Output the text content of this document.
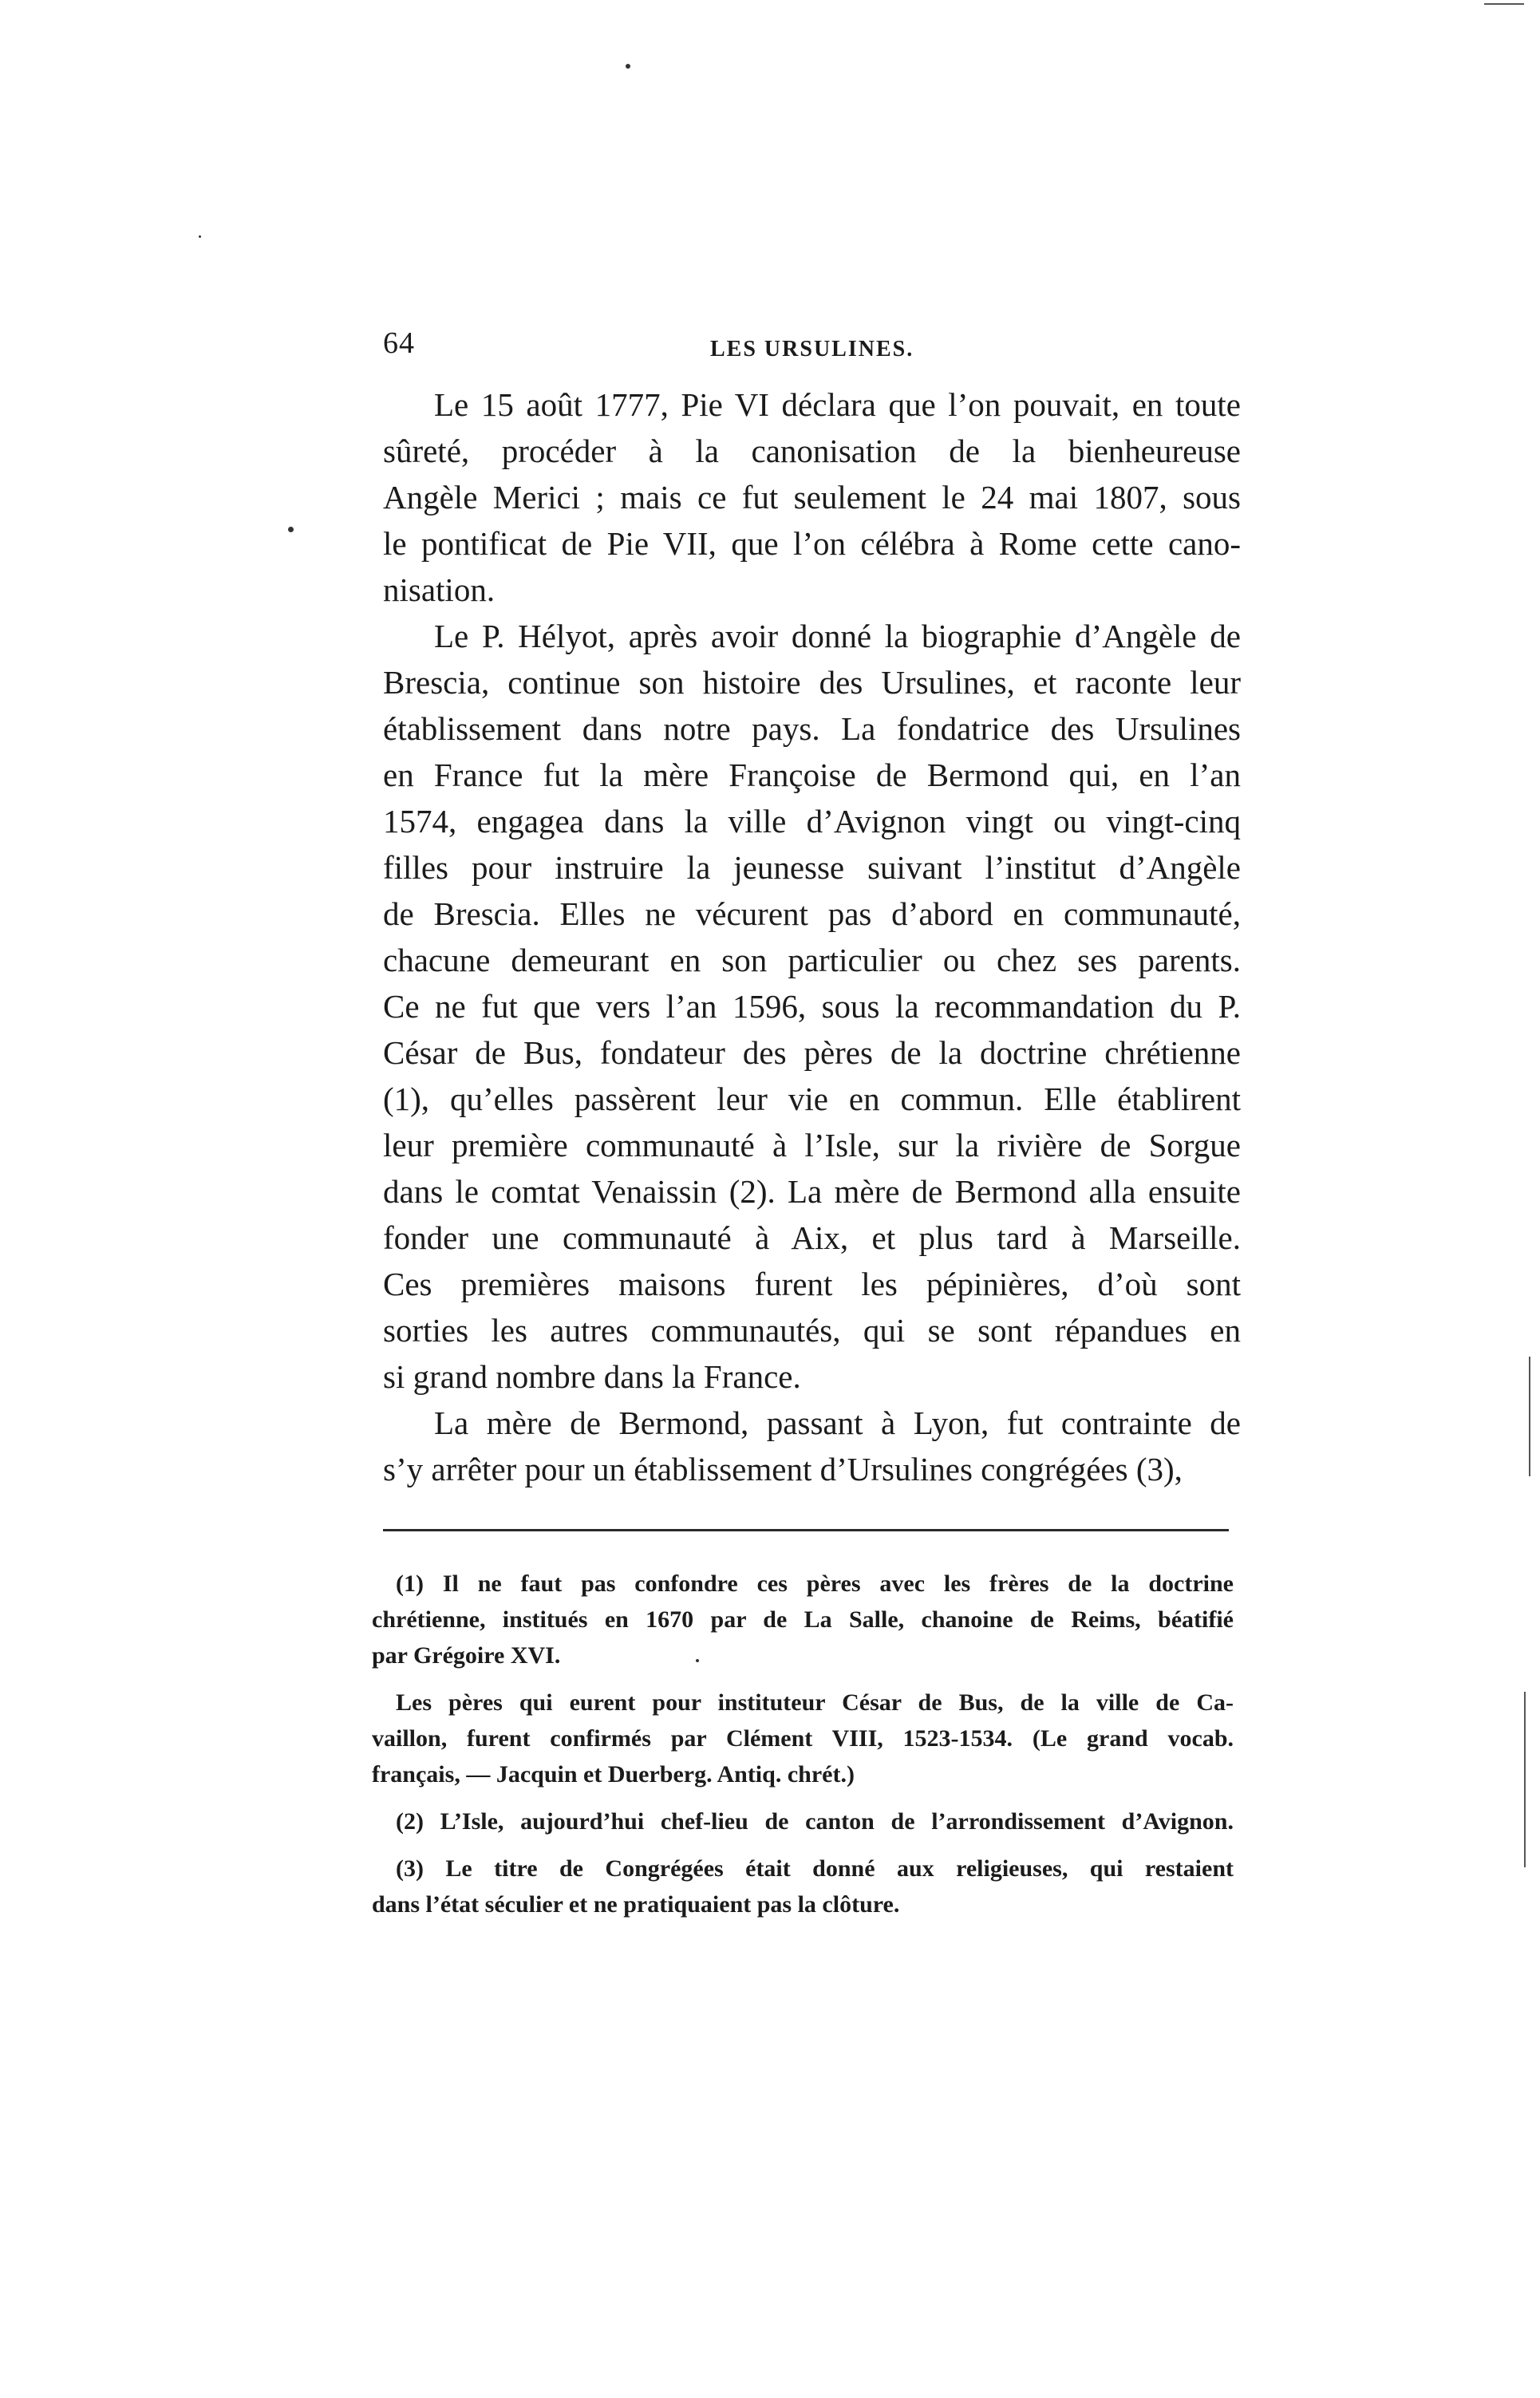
64	LES URSULINES.
Le 15 août 1777, Pie VI déclara que l’on pouvait, en toute
sûreté, procéder à la canonisation de la bienheureuse
Angèle Merici ; mais ce fut seulement le 24 mai 1807, sous
le pontificat de Pie VII, que l’on célébra à Rome cette cano-
nisation.
Le P. Hélyot, après avoir donné la biographie d’Angèle de
Brescia, continue son histoire des Ursulines, et raconte leur
établissement dans notre pays. La fondatrice des Ursulines
en France fut la mère Françoise de Bermond qui, en l’an
1574, engagea dans la ville d’Avignon vingt ou vingt-cinq
filles pour instruire la jeunesse suivant l’institut d’Angèle
de Brescia. Elles ne vécurent pas d’abord en communauté,
chacune demeurant en son particulier ou chez ses parents.
Ce ne fut que vers l’an 1596, sous la recommandation du P.
César de Bus, fondateur des pères de la doctrine chrétienne
(1), qu’elles passèrent leur vie en commun. Elle établirent
leur première communauté à l’Isle, sur la rivière de Sorgue
dans le comtat Venaissin (2). La mère de Bermond alla ensuite
fonder une communauté à Aix, et plus tard à Marseille.
Ces premières maisons furent les pépinières, d’où sont
sorties les autres communautés, qui se sont répandues en
si grand nombre dans la France.
La mère de Bermond, passant à Lyon, fut contrainte de
s’y arrêter pour un établissement d’Ursulines congrégées (3),
(1) Il ne faut pas confondre ces pères avec les frères de la doctrine
chrétienne, institués en 1670 par de La Salle, chanoine de Reims, béatifié
par Grégoire XVI.
Les pères qui eurent pour instituteur César de Bus, de la ville de Ca-
vaillon, furent confirmés par Clément VIII, 1523-1534. (Le grand vocab.
français, — Jacquin et Duerberg. Antiq. chrét.)
(2) L’Isle, aujourd’hui chef-lieu de canton de l’arrondissement d’Avignon.
(3) Le titre de Congrégées était donné aux religieuses, qui restaient
dans l’état séculier et ne pratiquaient pas la clôture.
